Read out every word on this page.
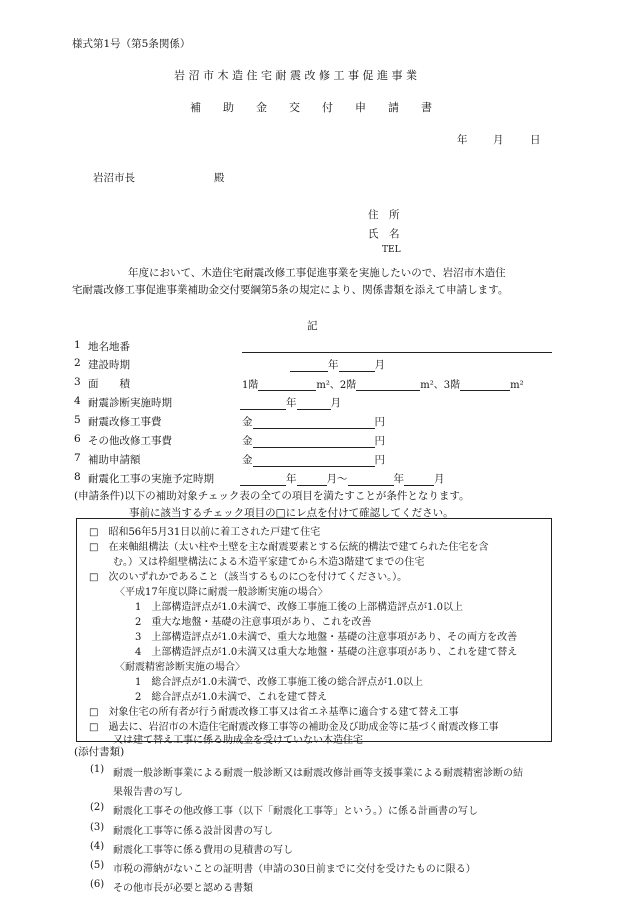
様式第1号（第5条関係）
岩 沼 市 木 造 住 宅 耐 震 改 修 工 事 促 進 事 業
補　　助　　金　　交　　付　　申　　請　　書
年 月	日
岩沼市長	殿
住　所
氏　名
TEL
年度において、木造住宅耐震改修工事促進事業を実施したいので、岩沼市木造住
宅耐震改修工事促進事業補助金交付要綱第5条の規定により、関係書類を添えて申請します。
記
1 地名地番
2 建設時期	年	月
3 面　　積	1階	m²、2階	m²、3階	m²
4 耐震診断実施時期	年	月
5 耐震改修工事費	金	円
6 その他改修工事費	金	円
7 補助申請額	金	円
8 耐震化工事の実施予定時期	年	月～	年	月
(申請条件)以下の補助対象チェック表の全ての項目を満たすことが条件となります。
事前に該当するチェック項目の□にレ点を付けて確認してください。
□　昭和56年5月31日以前に着工された戸建て住宅
□　在来軸組構法（太い柱や土壁を主な耐震要素とする伝統的構法で建てられた住宅を含
む。）又は枠組壁構法による木造平家建てから木造3階建てまでの住宅
□　次のいずれかであること（該当するものに○を付けてください。）。
〈平成17年度以降に耐震一般診断実施の場合〉
1　上部構造評点が1.0未満で、改修工事施工後の上部構造評点が1.0以上
2　重大な地盤・基礎の注意事項があり、これを改善
3　上部構造評点が1.0未満で、重大な地盤・基礎の注意事項があり、その両方を改善
4　上部構造評点が1.0未満又は重大な地盤・基礎の注意事項があり、これを建て替え
〈耐震精密診断実施の場合〉
1　総合評点が1.0未満で、改修工事施工後の総合評点が1.0以上
2　総合評点が1.0未満で、これを建て替え
□　対象住宅の所有者が行う耐震改修工事又は省エネ基準に適合する建て替え工事
□　過去に、岩沼市の木造住宅耐震改修工事等の補助金及び助成金等に基づく耐震改修工事
又は建て替え工事に係る助成金を受けていない木造住宅
(添付書類)
(1) 耐震一般診断事業による耐震一般診断又は耐震改修計画等支援事業による耐震精密診断の結
果報告書の写し
(2) 耐震化工事その他改修工事（以下「耐震化工事等」という。）に係る計画書の写し
(3) 耐震化工事等に係る設計図書の写し
(4) 耐震化工事等に係る費用の見積書の写し
(5) 市税の滞納がないことの証明書（申請の30日前までに交付を受けたものに限る）
(6) その他市長が必要と認める書類
